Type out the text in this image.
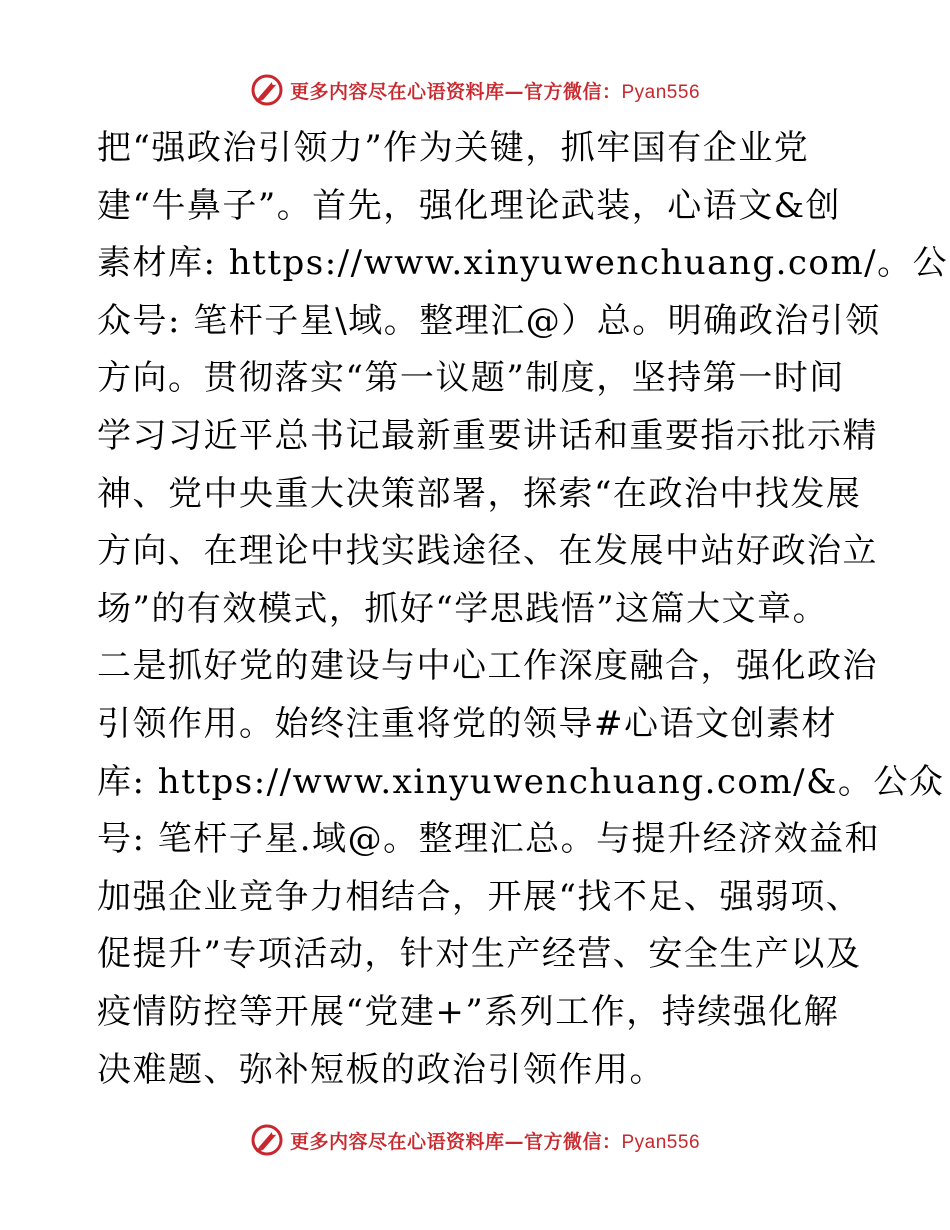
更多内容尽在心语资料库—官方微信：Pyan556
把“强政治引领力”作为关键，抓牢国有企业党
建“牛鼻子”。首先，强化理论武装，心语文&创
素材库: https://www.xinyuwenchuang.com/。公
众号: 笔杆子星\域。整理汇@）总。明确政治引领
方向。贯彻落实“第一议题”制度，坚持第一时间
学习习近平总书记最新重要讲话和重要指示批示精
神、党中央重大决策部署，探索“在政治中找发展
方向、在理论中找实践途径、在发展中站好政治立
场”的有效模式，抓好“学思践悟”这篇大文章。
二是抓好党的建设与中心工作深度融合，强化政治
引领作用。始终注重将党的领导#心语文创素材
库: https://www.xinyuwenchuang.com/&。公众
号: 笔杆子星.域@。整理汇总。与提升经济效益和
加强企业竞争力相结合，开展“找不足、强弱项、
促提升”专项活动，针对生产经营、安全生产以及
疫情防控等开展“党建+”系列工作，持续强化解
决难题、弥补短板的政治引领作用。
更多内容尽在心语资料库—官方微信：Pyan556
